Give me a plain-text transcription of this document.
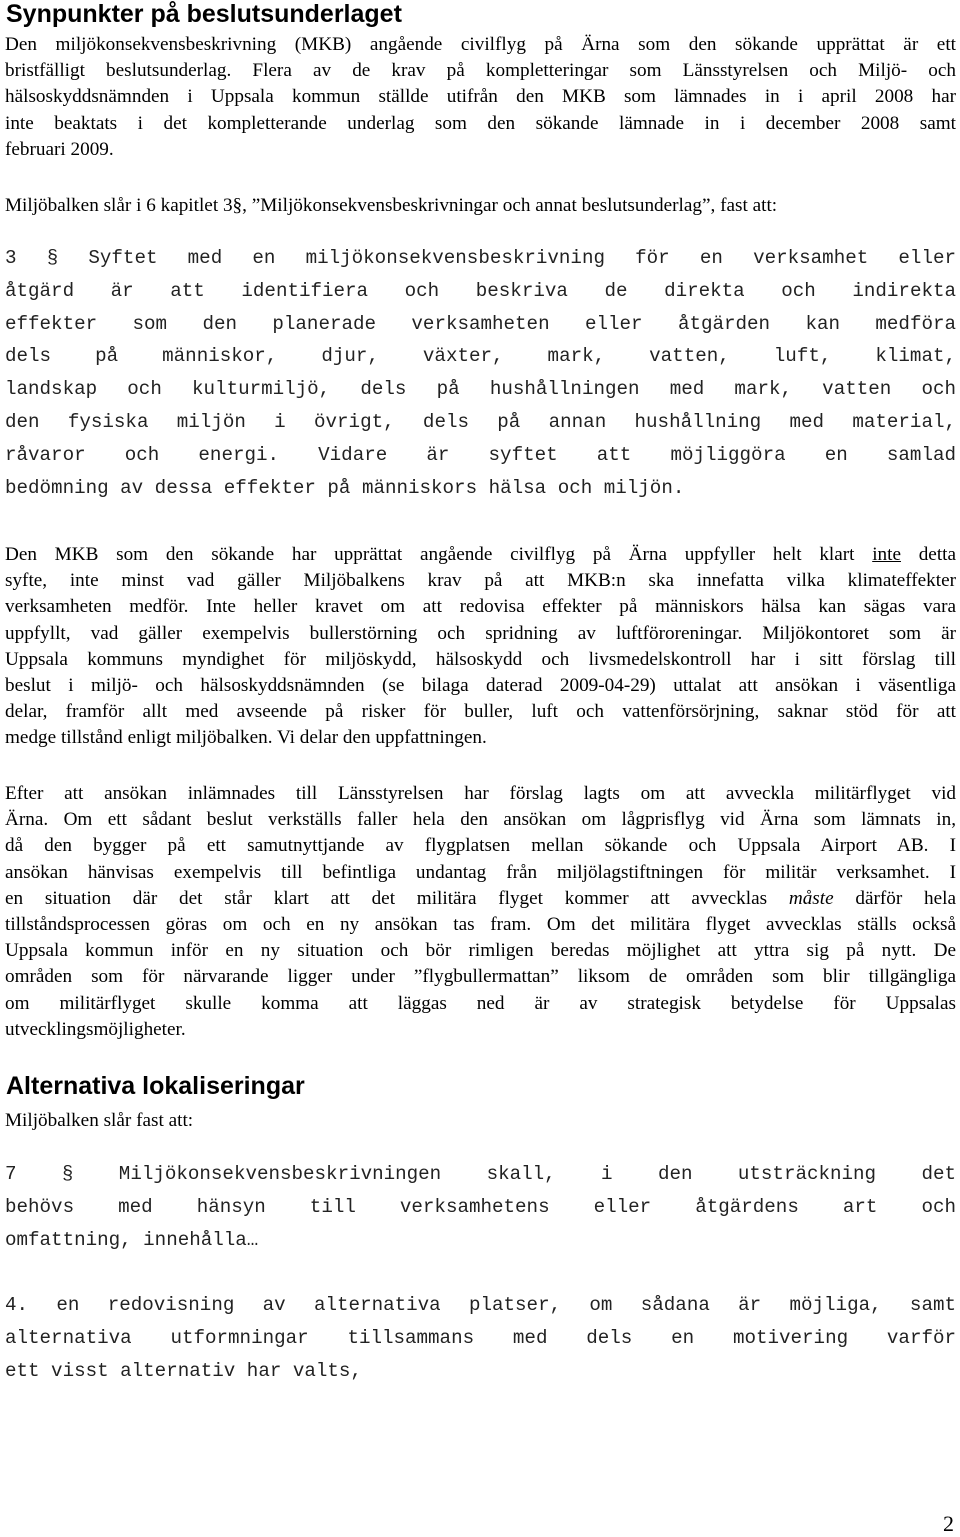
Synpunkter på beslutsunderlaget
Den miljökonsekvensbeskrivning (MKB) angående civilflyg på Ärna som den sökande upprättat är ett
bristfälligt beslutsunderlag. Flera av de krav på kompletteringar som Länsstyrelsen och Miljö- och
hälsoskyddsnämnden i Uppsala kommun ställde utifrån den MKB som lämnades in i april 2008 har
inte beaktats i det kompletterande underlag som den sökande lämnade in i december 2008 samt
februari 2009.

Miljöbalken slår i 6 kapitlet 3§, ”Miljökonsekvensbeskrivningar och annat beslutsunderlag”, fast att:

3 § Syftet med en miljökonsekvensbeskrivning för en verksamhet eller
åtgärd är att identifiera och beskriva de direkta och indirekta
effekter som den planerade verksamheten eller åtgärden kan medföra
dels på människor, djur, växter, mark, vatten, luft, klimat,
landskap och kulturmiljö, dels på hushållningen med mark, vatten och
den fysiska miljön i övrigt, dels på annan hushållning med material,
råvaror och energi. Vidare är syftet att möjliggöra en samlad
bedömning av dessa effekter på människors hälsa och miljön.
Den MKB som den sökande har upprättat angående civilflyg på Ärna uppfyller helt klart inte detta
syfte, inte minst vad gäller Miljöbalkens krav på att MKB:n ska innefatta vilka klimateffekter
verksamheten medför. Inte heller kravet om att redovisa effekter på människors hälsa kan sägas vara
uppfyllt, vad gäller exempelvis bullerstörning och spridning av luftföroreningar. Miljökontoret som är
Uppsala kommuns myndighet för miljöskydd, hälsoskydd och livsmedelskontroll har i sitt förslag till
beslut i miljö- och hälsoskyddsnämnden (se bilaga daterad 2009-04-29) uttalat att ansökan i väsentliga
delar, framför allt med avseende på risker för buller, luft och vattenförsörjning, saknar stöd för att
medge tillstånd enligt miljöbalken. Vi delar den uppfattningen.
Efter att ansökan inlämnades till Länsstyrelsen har förslag lagts om att avveckla militärflyget vid
Ärna. Om ett sådant beslut verkställs faller hela den ansökan om lågprisflyg vid Ärna som lämnats in,
då den bygger på ett samutnyttjande av flygplatsen mellan sökande och Uppsala Airport AB. I
ansökan hänvisas exempelvis till befintliga undantag från miljölagstiftningen för militär verksamhet. I
en situation där det står klart att det militära flyget kommer att avvecklas måste därför hela
tillståndsprocessen göras om och en ny ansökan tas fram. Om det militära flyget avvecklas ställs också
Uppsala kommun inför en ny situation och bör rimligen beredas möjlighet att yttra sig på nytt. De
områden som för närvarande ligger under ”flygbullermattan” liksom de områden som blir tillgängliga
om militärflyget skulle komma att läggas ned är av strategisk betydelse för Uppsalas
utvecklingsmöjligheter.
Alternativa lokaliseringar

Miljöbalken slår fast att:

7 § Miljökonsekvensbeskrivningen skall, i den utsträckning det
behövs med hänsyn till verksamhetens eller åtgärdens art och
omfattning, innehålla…
4. en redovisning av alternativa platser, om sådana är möjliga, samt
alternativa utformningar tillsammans med dels en motivering varför
ett visst alternativ har valts,
2
